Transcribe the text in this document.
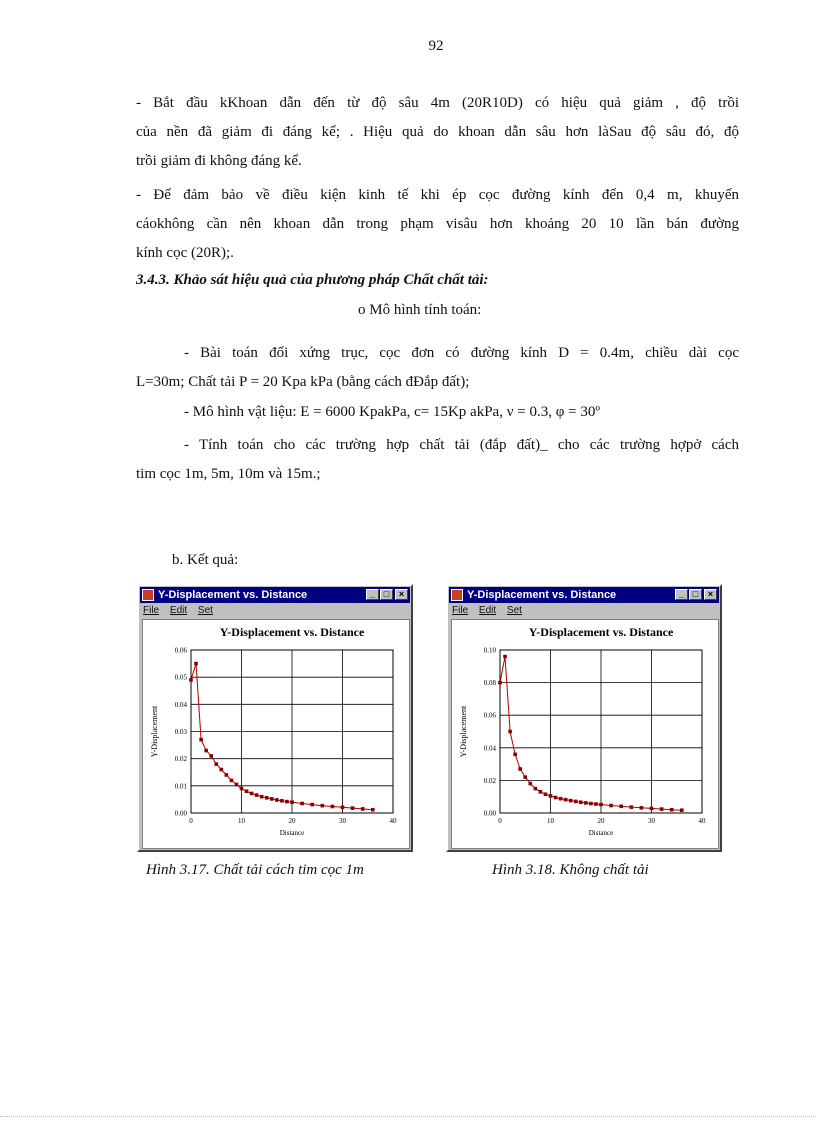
92
- Bắt đầu kKhoan dẫn đến từ độ sâu 4m (20R10D) có hiệu quả giảm , độ trồi
của nền đã giảm đi đáng kể; . Hiệu quả do khoan dẫn sâu hơn làSau độ sâu đó, độ
trồi giảm đi không đáng kể.
- Để đảm bảo về điều kiện kinh tế khi ép cọc đường kính đến 0,4 m, khuyến
cáokhông cần nên khoan dẫn trong phạm visâu hơn khoảng 20 10 lần bán đường
kính cọc (20R);.
3.4.3. Khảo sát hiệu quả của phương pháp Chất chất tải:
o Mô hình tính toán:
- Bài toán đối xứng trục, cọc đơn có đường kính D = 0.4m, chiều dài cọc
L=30m; Chất tải P = 20 Kpa kPa (bằng cách đĐắp đất);
- Mô hình vật liệu: E = 6000 KpakPa, c= 15Kp akPa, ν = 0.3, φ = 30º
- Tính toán cho các trường hợp chất tải (đắp đất)_ cho các trường hợpở cách
tim cọc 1m, 5m, 10m và 15m.;
b. Kết quả:
Y-Displacement vs. Distance	_ □	×
File Edit Set
Y-Displacement vs. Distance
0	10	20	30	40
0.00
0.01
0.02
0.03
0.04
0.05
0.06
Distance
Y-Displacement
Y-Displacement vs. Distance	_ □	×
File Edit Set
Y-Displacement vs. Distance
0	10	20	30	40
0.00
0.02
0.04
0.06
0.08
0.10
Distance
Y-Displacement
Hình 3.17. Chất tải cách tim cọc 1m	Hình 3.18. Không chất tải
